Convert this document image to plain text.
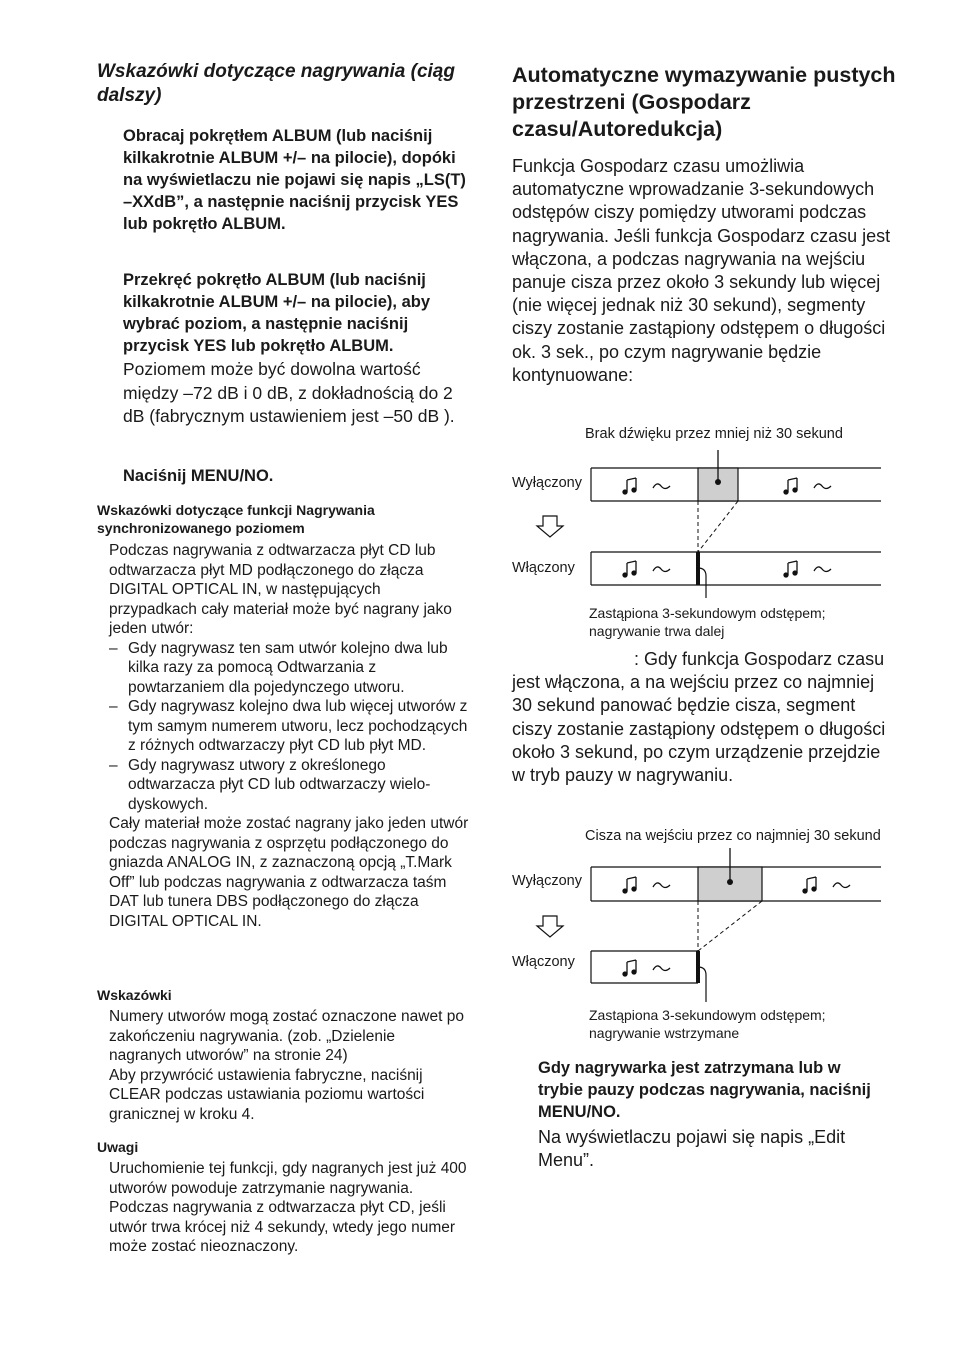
Wskazówki dotyczące nagrywania (ciąg dalszy)

Obracaj pokrętłem ALBUM (lub naciśnij kilkakrotnie ALBUM +/– na pilocie), dopóki na wyświetlaczu nie pojawi się napis „LS(T) –XXdB”, a następnie naciśnij przycisk YES lub pokrętło ALBUM.

Przekręć pokrętło ALBUM (lub naciśnij kilkakrotnie ALBUM +/– na pilocie), aby wybrać poziom, a następnie naciśnij przycisk YES lub pokrętło ALBUM.

Poziomem może być dowolna wartość między –72 dB i 0 dB, z dokładnością do 2 dB (fabrycznym ustawieniem jest –50 dB ).

Naciśnij MENU/NO.

Wskazówki dotyczące funkcji Nagrywania synchronizowanego poziomem

Podczas nagrywania z odtwarzacza płyt CD lub odtwarzacza płyt MD podłączonego do złącza DIGITAL OPTICAL IN, w następujących przypadkach cały materiał może być nagrany jako jeden utwór:

– Gdy nagrywasz ten sam utwór kolejno dwa lub kilka razy za pomocą Odtwarzania z powtarzaniem dla pojedynczego utworu.
– Gdy nagrywasz kolejno dwa lub więcej utworów z tym samym numerem utworu, lecz pochodzących z różnych odtwarzaczy płyt CD lub płyt MD.
– Gdy nagrywasz utwory z określonego odtwarzacza płyt CD lub odtwarzaczy wielo-dyskowych.

Cały materiał może zostać nagrany jako jeden utwór podczas nagrywania z osprzętu podłączonego do gniazda ANALOG IN, z zaznaczoną opcją „T.Mark Off” lub podczas nagrywania z odtwarzacza taśm DAT lub tunera DBS podłączonego do złącza DIGITAL OPTICAL IN.

Wskazówki

Numery utworów mogą zostać oznaczone nawet po zakończeniu nagrywania. (zob. „Dzielenie nagranych utworów” na stronie 24)

Aby przywrócić ustawienia fabryczne, naciśnij CLEAR podczas ustawiania poziomu wartości granicznej w kroku 4.

Uwagi

Uruchomienie tej funkcji, gdy nagranych jest już 400 utworów powoduje zatrzymanie nagrywania.

Podczas nagrywania z odtwarzacza płyt CD, jeśli utwór trwa krócej niż 4 sekundy, wtedy jego numer może zostać nieoznaczony.

Automatyczne wymazywanie pustych przestrzeni (Gospodarz czasu/Autoredukcja)

Funkcja Gospodarz czasu umożliwia automatyczne wprowadzanie 3-sekundowych odstępów ciszy pomiędzy utworami podczas nagrywania. Jeśli funkcja Gospodarz czasu jest włączona, a podczas nagrywania na wejściu panuje cisza przez około 3 sekundy lub więcej (nie więcej jednak niż 30 sekund), segmenty ciszy zostanie zastąpiony odstępem o długości ok. 3 sek., po czym nagrywanie będzie kontynuowane:

Brak dźwięku przez mniej niż 30 sekund
Wyłączony
Włączony
Zastąpiona 3-sekundowym odstępem;
nagrywanie trwa dalej

: Gdy funkcja Gospodarz czasu jest włączona, a na wejściu przez co najmniej 30 sekund panować będzie cisza, segment ciszy zostanie zastąpiony odstępem o długości około 3 sekund, po czym urządzenie przejdzie w tryb pauzy w nagrywaniu.

Cisza na wejściu przez co najmniej 30 sekund
Wyłączony
Włączony
Zastąpiona 3-sekundowym odstępem;
nagrywanie wstrzymane

Gdy nagrywarka jest zatrzymana lub w trybie pauzy podczas nagrywania, naciśnij MENU/NO.

Na wyświetlaczu pojawi się napis „Edit Menu”.
